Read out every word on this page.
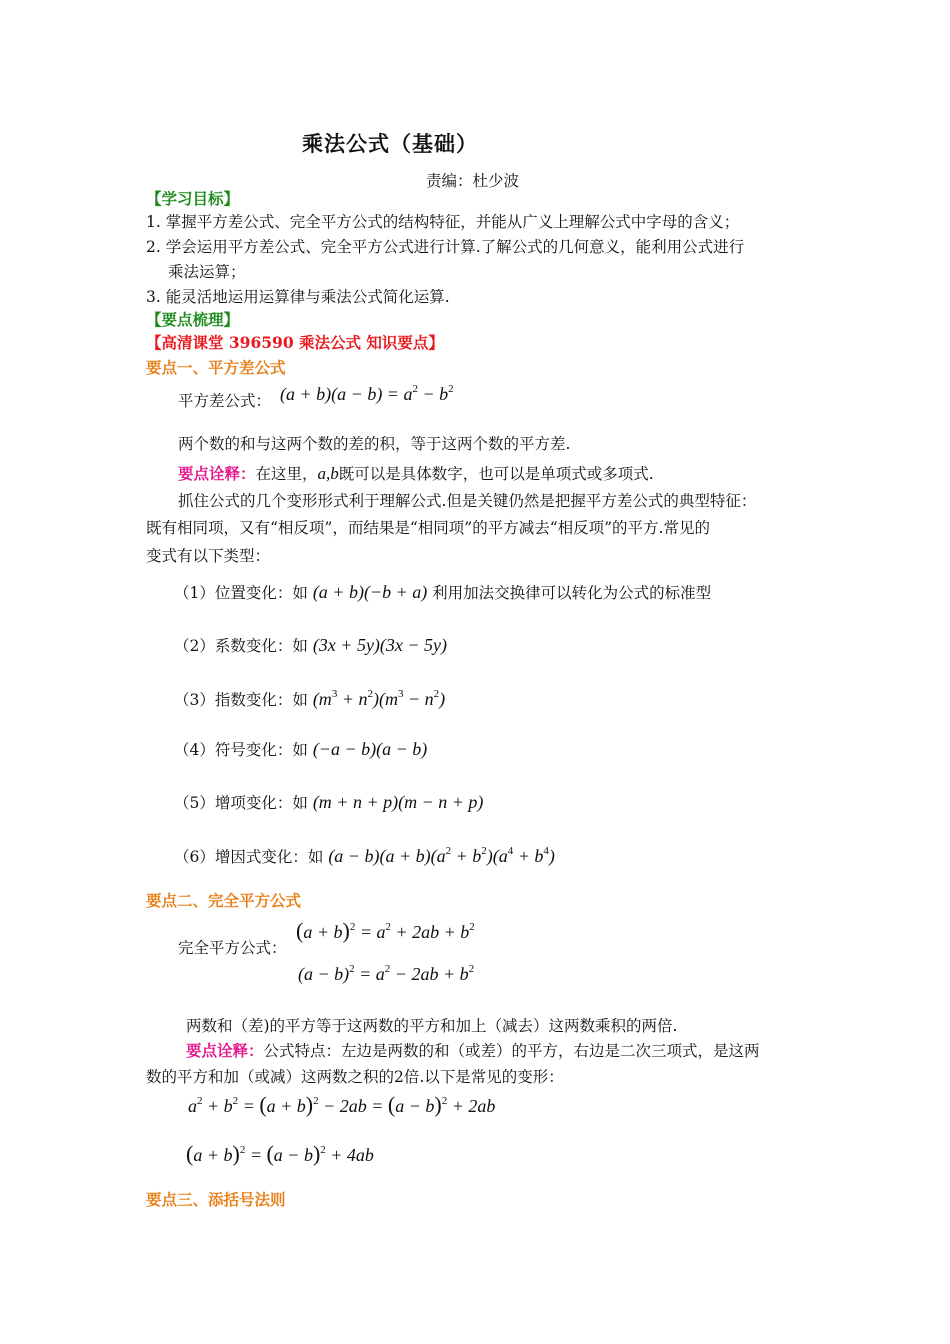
乘法公式（基础）
责编：杜少波
【学习目标】
1. 掌握平方差公式、完全平方公式的结构特征，并能从广义上理解公式中字母的含义；
2. 学会运用平方差公式、完全平方公式进行计算.了解公式的几何意义，能利用公式进行
乘法运算；
3. 能灵活地运用运算律与乘法公式简化运算.
【要点梳理】
【高清课堂 396590 乘法公式 知识要点】
要点一、平方差公式
平方差公式： $(a + b)(a - b) = a^2 - b^2$
两个数的和与这两个数的差的积，等于这两个数的平方差.
要点诠释：在这里，a,b既可以是具体数字，也可以是单项式或多项式.
抓住公式的几个变形形式利于理解公式.但是关键仍然是把握平方差公式的典型特征：
既有相同项，又有“相反项”，而结果是“相同项”的平方减去“相反项”的平方.常见的
变式有以下类型：
（1）位置变化：如 (a + b)(−b + a) 利用加法交换律可以转化为公式的标准型
（2）系数变化：如 (3x + 5y)(3x − 5y)
（3）指数变化：如 $(m^3 + n^2)(m^3 - n^2)$
（4）符号变化：如 (−a − b)(a − b)
（5）增项变化：如 (m + n + p)(m − n + p)
（6）增因式变化：如 $(a - b)(a + b)(a^2 + b^2)(a^4 + b^4)$
要点二、完全平方公式
完全平方公式：
$(a + b)^2 = a^2 + 2ab + b^2$
$(a - b)^2 = a^2 - 2ab + b^2$
两数和（差)的平方等于这两数的平方和加上（减去）这两数乘积的两倍.
要点诠释：公式特点：左边是两数的和（或差）的平方，右边是二次三项式，是这两
数的平方和加（或减）这两数之积的2倍.以下是常见的变形：
$a^2 + b^2 = (a + b)^2 - 2ab = (a - b)^2 + 2ab$
$(a + b)^2 = (a - b)^2 + 4ab$
要点三、添括号法则
